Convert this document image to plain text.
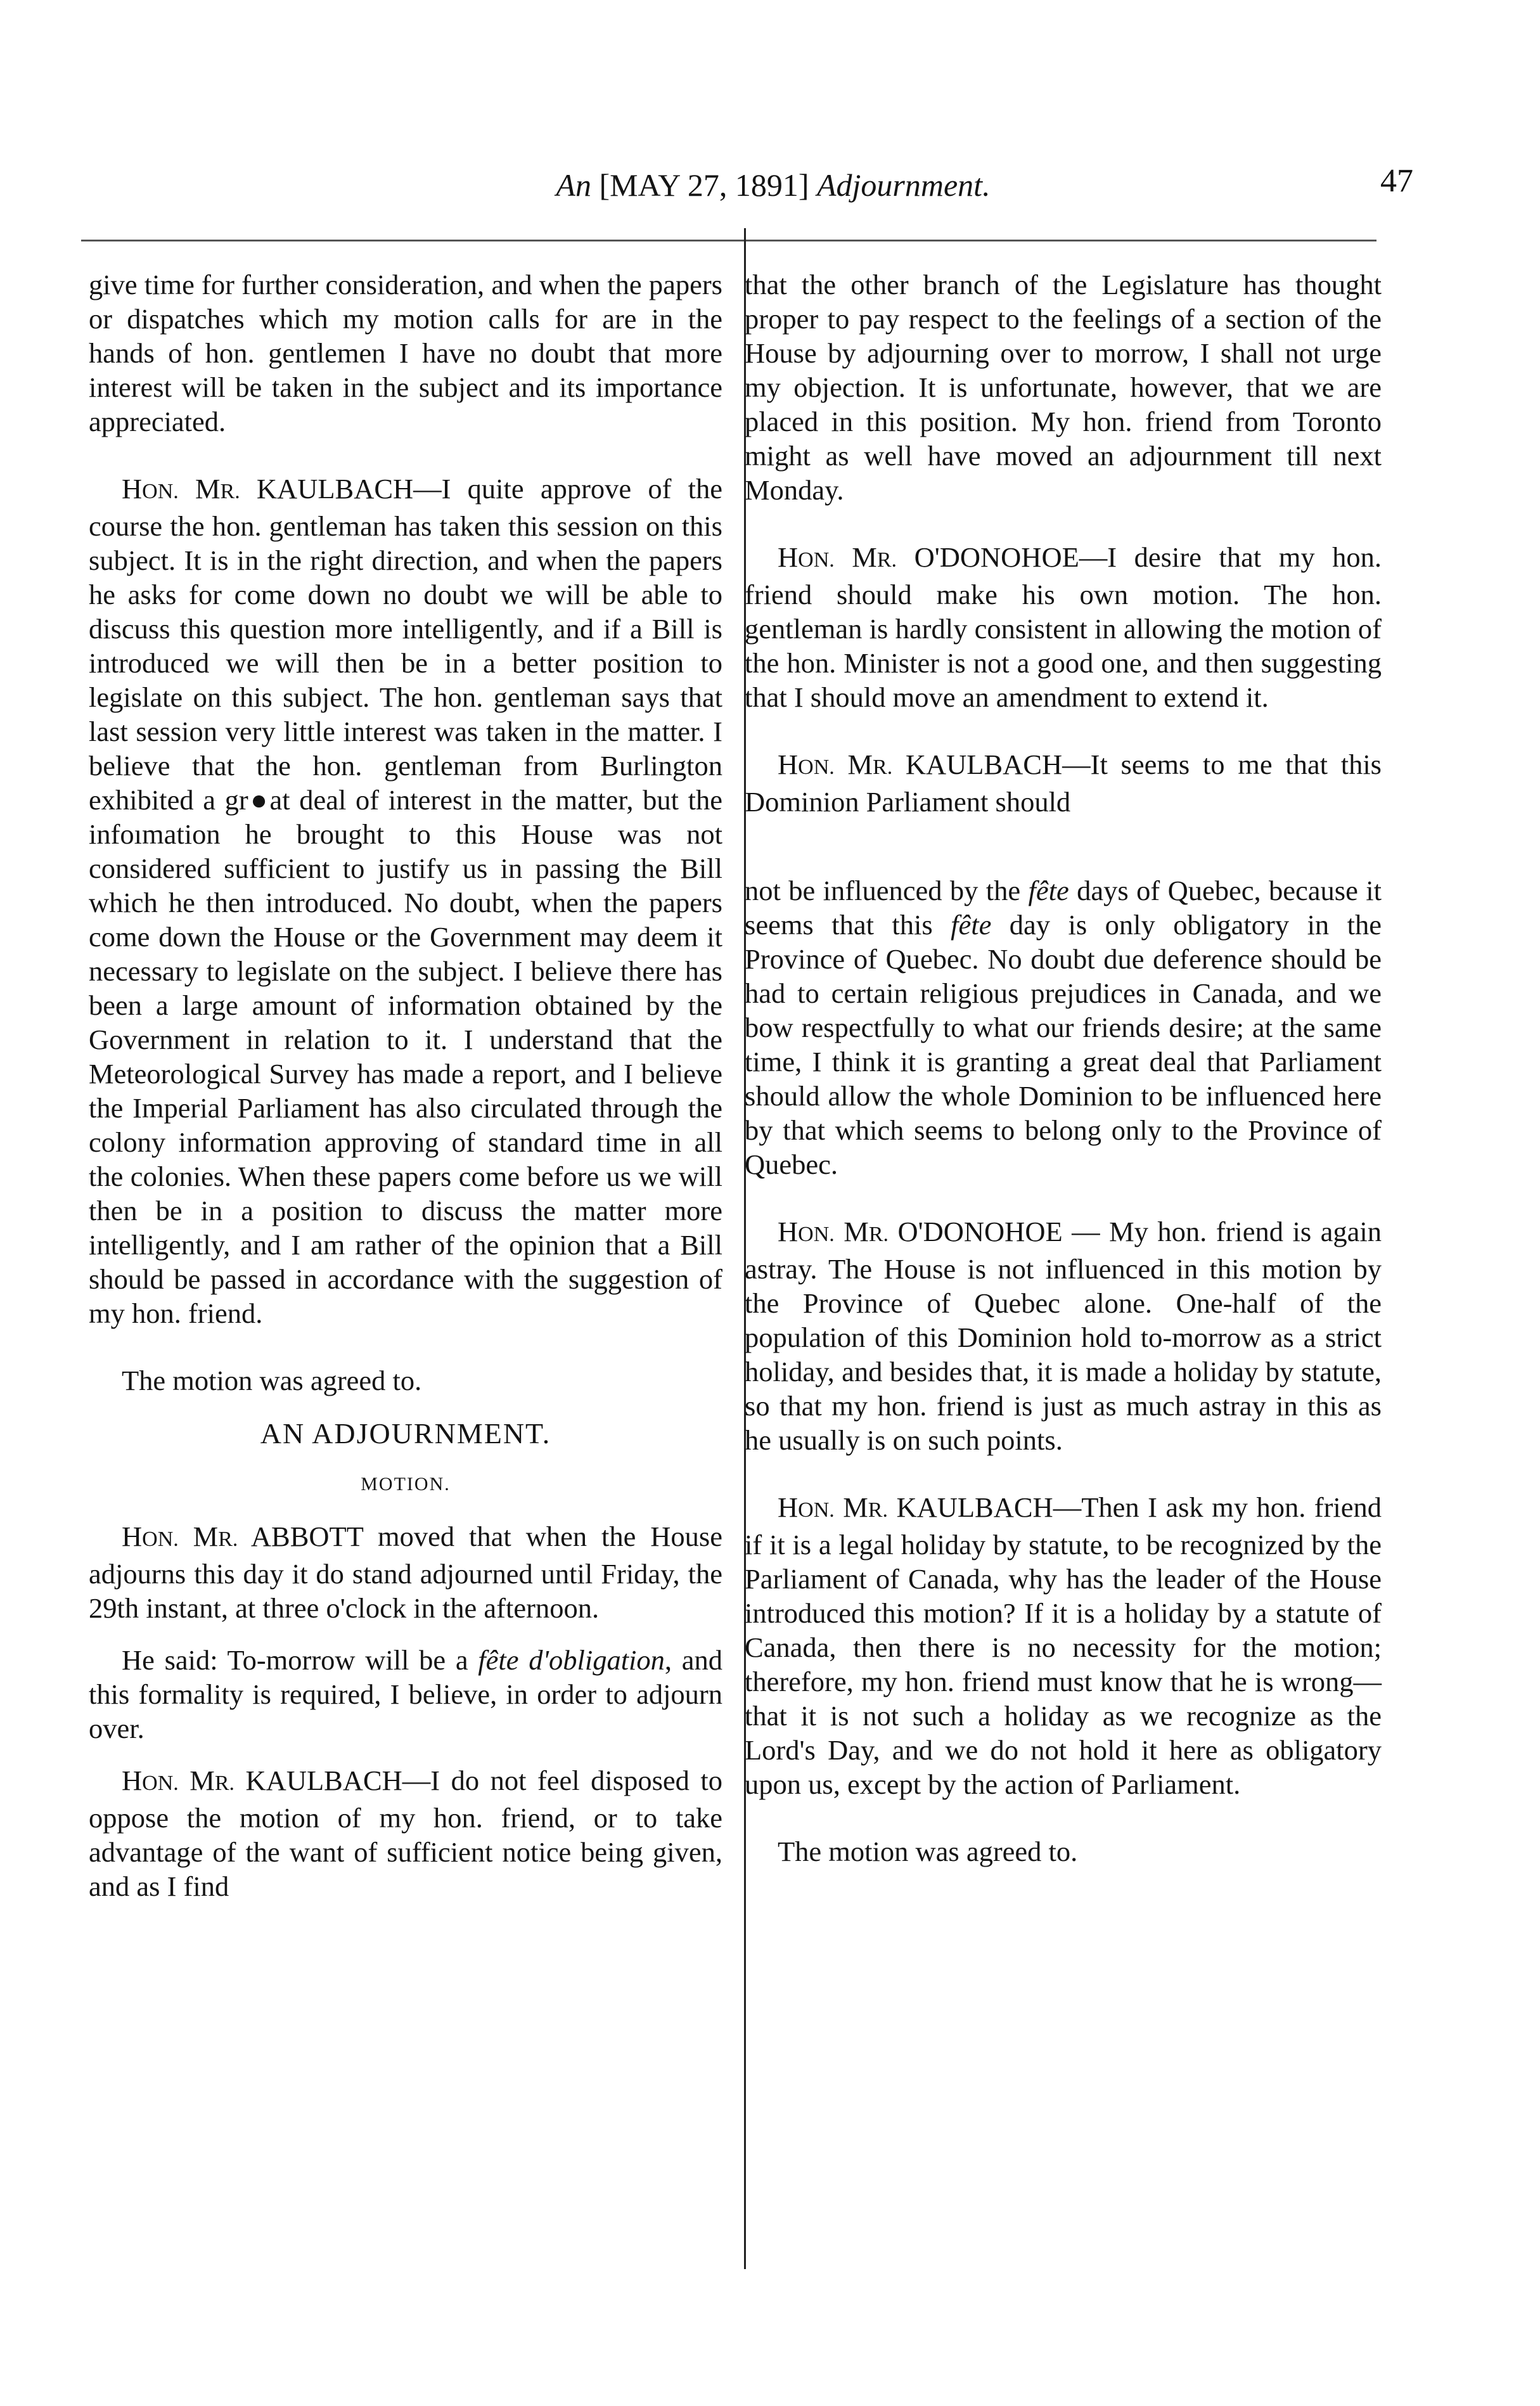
An [MAY 27, 1891] Adjournment.	47

give time for further consideration, and when the papers or dispatches which my motion calls for are in the hands of hon. gentlemen I have no doubt that more interest will be taken in the subject and its importance appreciated.

HON. MR. KAULBACH—I quite approve of the course the hon. gentleman has taken this session on this subject. It is in the right direction, and when the papers he asks for come down no doubt we will be able to discuss this question more intelligently, and if a Bill is introduced we will then be in a better position to legislate on this subject. The hon. gentleman says that last session very little interest was taken in the matter. I believe that the hon. gentleman from Burlington exhibited a gr●at deal of interest in the matter, but the infoımation he brought to this House was not considered sufficient to justify us in passing the Bill which he then introduced. No doubt, when the papers come down the House or the Government may deem it necessary to legislate on the subject. I believe there has been a large amount of information obtained by the Government in relation to it. I understand that the Meteorological Survey has made a report, and I believe the Imperial Parliament has also circulated through the colony information approving of standard time in all the colonies. When these papers come before us we will then be in a position to discuss the matter more intelligently, and I am rather of the opinion that a Bill should be passed in accordance with the suggestion of my hon. friend.

The motion was agreed to.

AN ADJOURNMENT.

MOTION.

HON. MR. ABBOTT moved that when the House adjourns this day it do stand adjourned until Friday, the 29th instant, at three o'clock in the afternoon.

He said: To-morrow will be a fête d'obligation, and this formality is required, I believe, in order to adjourn over.

HON. MR. KAULBACH—I do not feel disposed to oppose the motion of my hon. friend, or to take advantage of the want of sufficient notice being given, and as I find

that the other branch of the Legislature has thought proper to pay respect to the feelings of a section of the House by adjourning over to morrow, I shall not urge my objection. It is unfortunate, however, that we are placed in this position. My hon. friend from Toronto might as well have moved an adjournment till next Monday.

HON. MR. O'DONOHOE—I desire that my hon. friend should make his own motion. The hon. gentleman is hardly consistent in allowing the motion of the hon. Minister is not a good one, and then suggesting that I should move an amendment to extend it.

HON. MR. KAULBACH—It seems to me that this Dominion Parliament should

not be influenced by the fête days of Quebec, because it seems that this fête day is only obligatory in the Province of Quebec. No doubt due deference should be had to certain religious prejudices in Canada, and we bow respectfully to what our friends desire; at the same time, I think it is granting a great deal that Parliament should allow the whole Dominion to be influenced here by that which seems to belong only to the Province of Quebec.

HON. MR. O'DONOHOE — My hon. friend is again astray. The House is not influenced in this motion by the Province of Quebec alone. One-half of the population of this Dominion hold to-morrow as a strict holiday, and besides that, it is made a holiday by statute, so that my hon. friend is just as much astray in this as he usually is on such points.

HON. MR. KAULBACH—Then I ask my hon. friend if it is a legal holiday by statute, to be recognized by the Parliament of Canada, why has the leader of the House introduced this motion? If it is a holiday by a statute of Canada, then there is no necessity for the motion; therefore, my hon. friend must know that he is wrong—that it is not such a holiday as we recognize as the Lord's Day, and we do not hold it here as obligatory upon us, except by the action of Parliament.

The motion was agreed to.
